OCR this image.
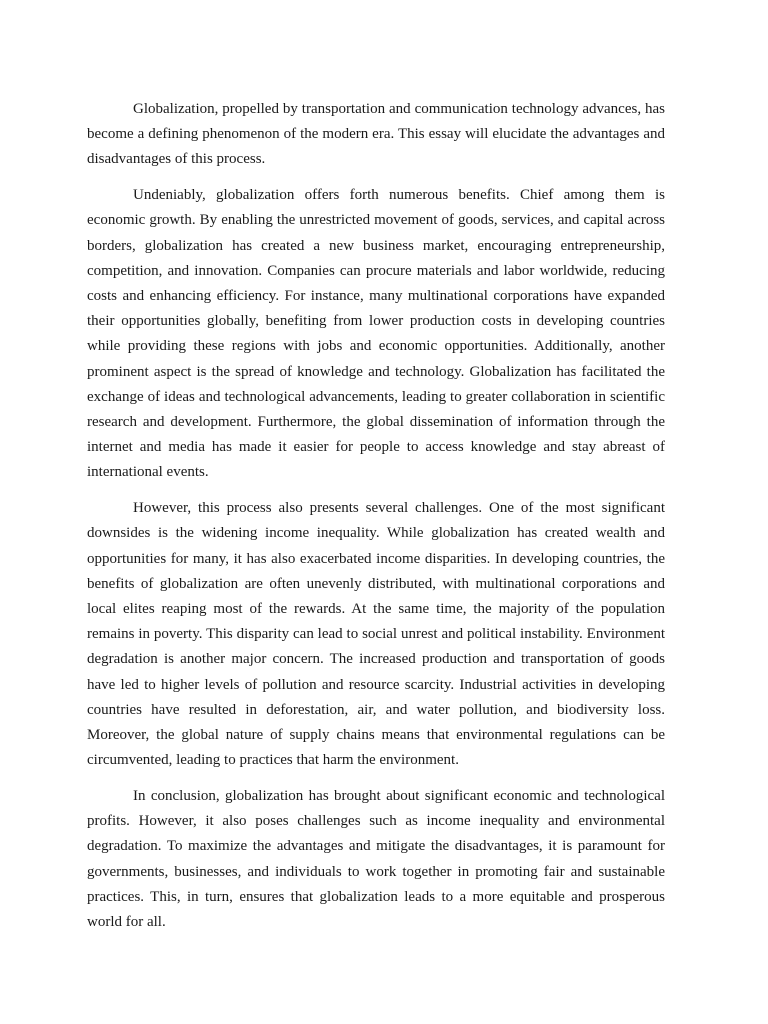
Globalization, propelled by transportation and communication technology advances, has become a defining phenomenon of the modern era. This essay will elucidate the advantages and disadvantages of this process.

Undeniably, globalization offers forth numerous benefits. Chief among them is economic growth. By enabling the unrestricted movement of goods, services, and capital across borders, globalization has created a new business market, encouraging entrepreneurship, competition, and innovation. Companies can procure materials and labor worldwide, reducing costs and enhancing efficiency. For instance, many multinational corporations have expanded their opportunities globally, benefiting from lower production costs in developing countries while providing these regions with jobs and economic opportunities. Additionally, another prominent aspect is the spread of knowledge and technology. Globalization has facilitated the exchange of ideas and technological advancements, leading to greater collaboration in scientific research and development. Furthermore, the global dissemination of information through the internet and media has made it easier for people to access knowledge and stay abreast of international events.

However, this process also presents several challenges. One of the most significant downsides is the widening income inequality. While globalization has created wealth and opportunities for many, it has also exacerbated income disparities. In developing countries, the benefits of globalization are often unevenly distributed, with multinational corporations and local elites reaping most of the rewards. At the same time, the majority of the population remains in poverty. This disparity can lead to social unrest and political instability. Environment degradation is another major concern. The increased production and transportation of goods have led to higher levels of pollution and resource scarcity. Industrial activities in developing countries have resulted in deforestation, air, and water pollution, and biodiversity loss. Moreover, the global nature of supply chains means that environmental regulations can be circumvented, leading to practices that harm the environment.

In conclusion, globalization has brought about significant economic and technological profits. However, it also poses challenges such as income inequality and environmental degradation. To maximize the advantages and mitigate the disadvantages, it is paramount for governments, businesses, and individuals to work together in promoting fair and sustainable practices. This, in turn, ensures that globalization leads to a more equitable and prosperous world for all.
